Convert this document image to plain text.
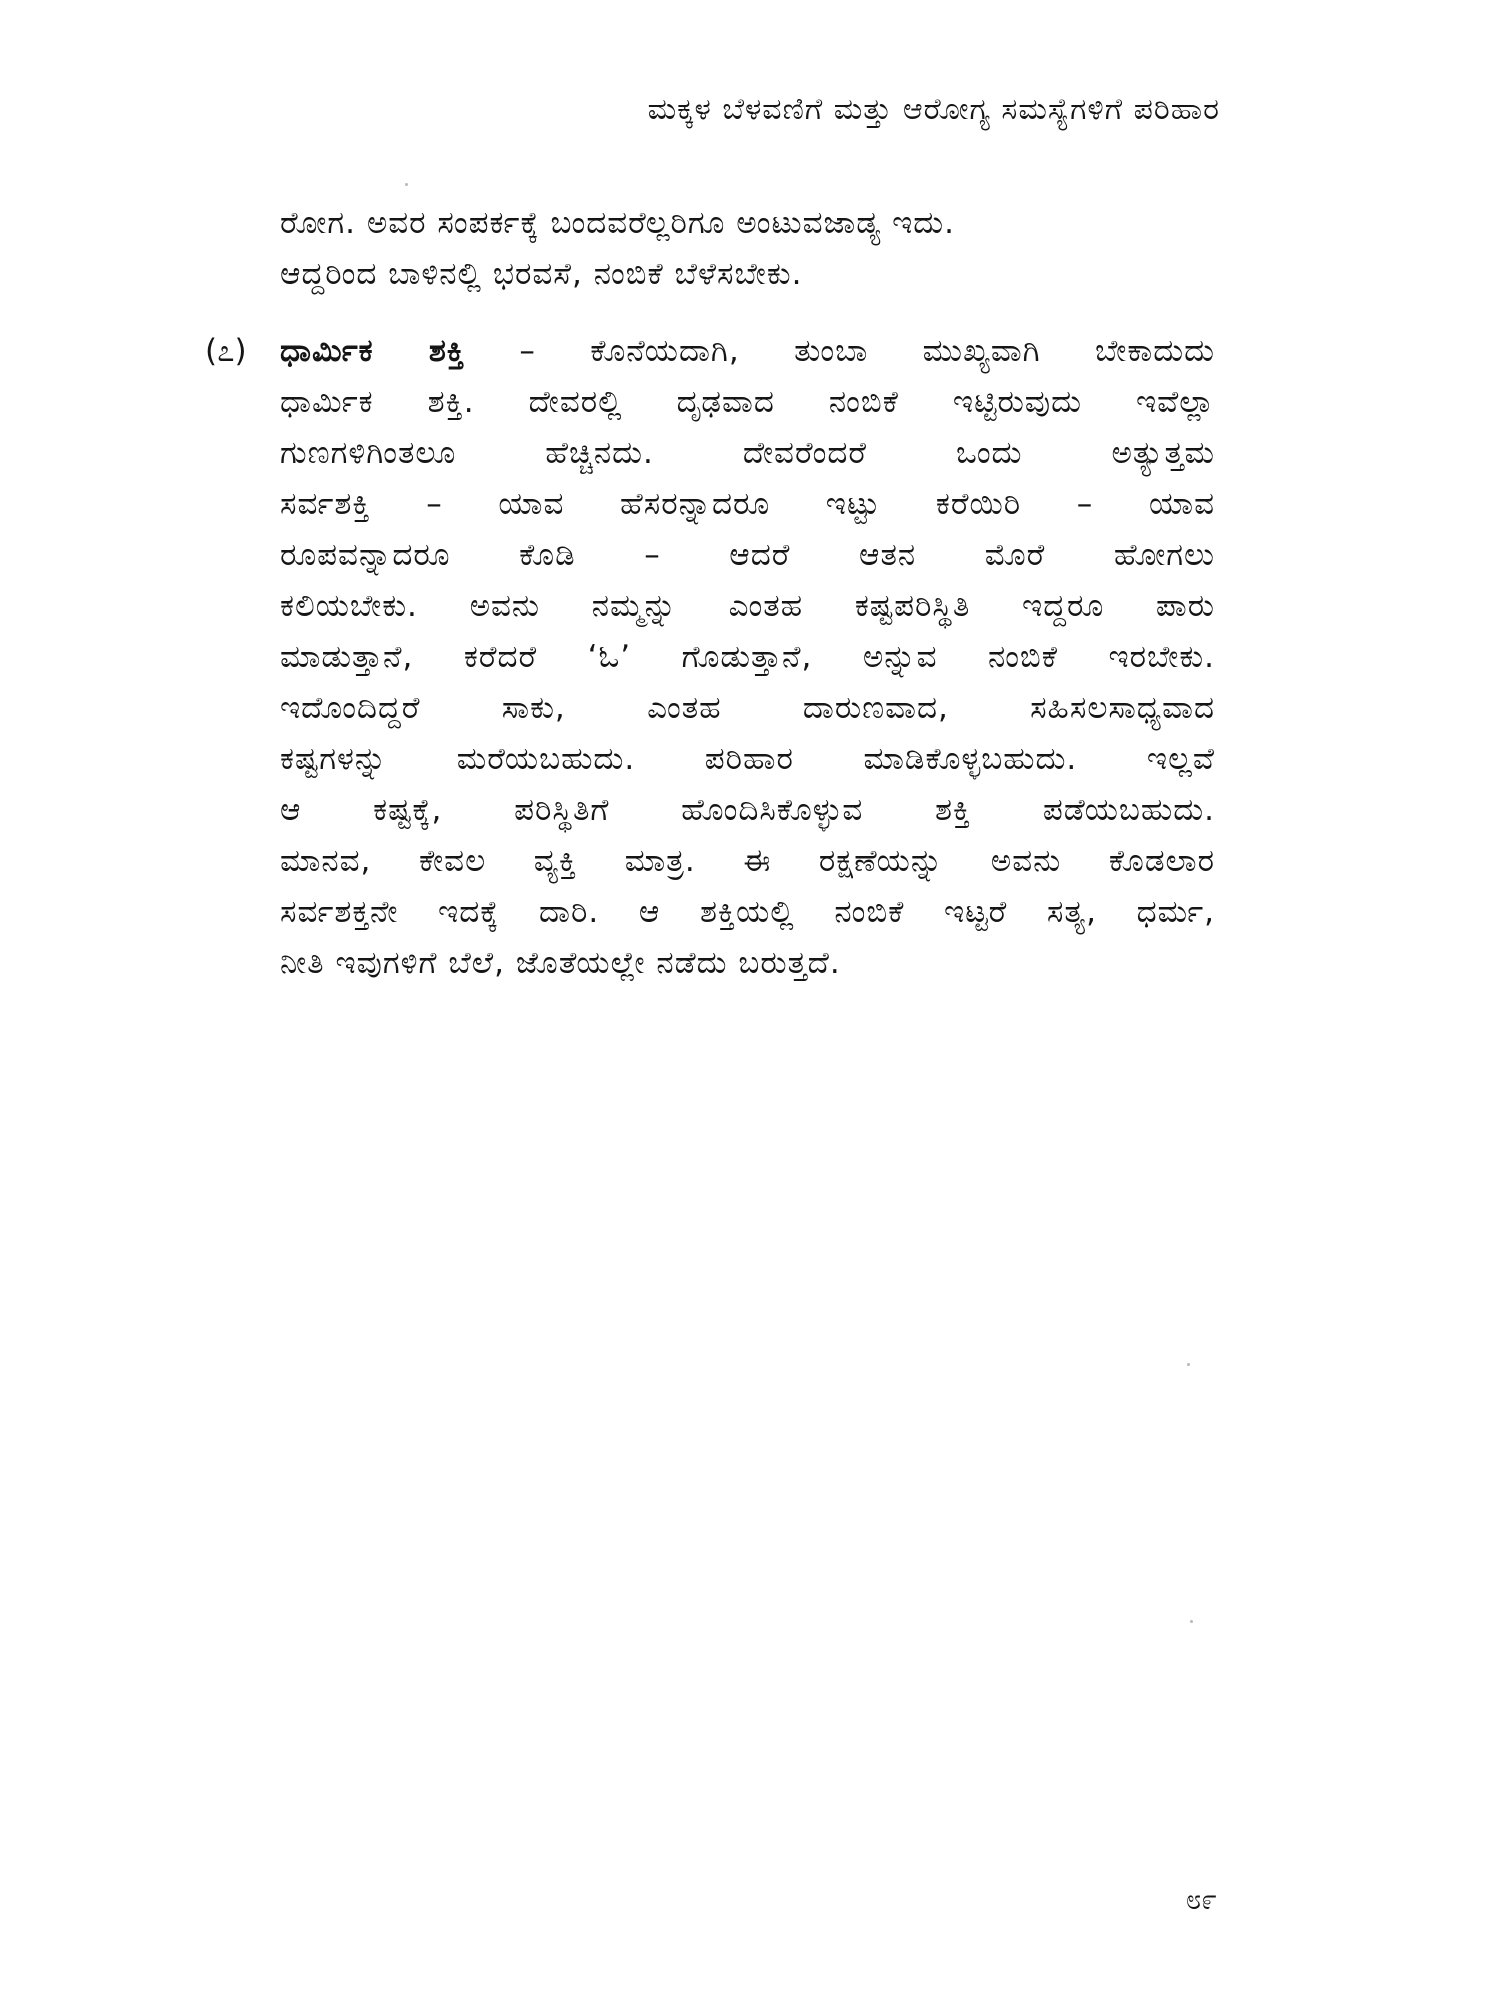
ಮಕ್ಕಳ ಬೆಳವಣಿಗೆ ಮತ್ತು ಆರೋಗ್ಯ ಸಮಸ್ಯೆಗಳಿಗೆ ಪರಿಹಾರ
ರೋಗ. ಅವರ ಸಂಪರ್ಕಕ್ಕೆ ಬಂದವರೆಲ್ಲರಿಗೂ ಅಂಟುವಜಾಡ್ಯ ಇದು.
ಆದ್ದರಿಂದ ಬಾಳಿನಲ್ಲಿ ಭರವಸೆ, ನಂಬಿಕೆ ಬೆಳೆಸಬೇಕು.
(೭) ಧಾರ್ಮಿಕ ಶಕ್ತಿ – ಕೊನೆಯದಾಗಿ, ತುಂಬಾ ಮುಖ್ಯವಾಗಿ ಬೇಕಾದುದು
ಧಾರ್ಮಿಕ ಶಕ್ತಿ. ದೇವರಲ್ಲಿ ದೃಢವಾದ ನಂಬಿಕೆ ಇಟ್ಟಿರುವುದು ಇವೆಲ್ಲಾ
ಗುಣಗಳಿಗಿಂತಲೂ ಹೆಚ್ಚಿನದು. ದೇವರೆಂದರೆ ಒಂದು ಅತ್ಯುತ್ತಮ
ಸರ್ವಶಕ್ತಿ – ಯಾವ ಹೆಸರನ್ನಾದರೂ ಇಟ್ಟು ಕರೆಯಿರಿ – ಯಾವ
ರೂಪವನ್ನಾದರೂ ಕೊಡಿ – ಆದರೆ ಆತನ ಮೊರೆ ಹೋಗಲು
ಕಲಿಯಬೇಕು. ಅವನು ನಮ್ಮನ್ನು ಎಂತಹ ಕಷ್ಟಪರಿಸ್ಥಿತಿ ಇದ್ದರೂ ಪಾರು
ಮಾಡುತ್ತಾನೆ, ಕರೆದರೆ ‘ಓ’ ಗೊಡುತ್ತಾನೆ, ಅನ್ನುವ ನಂಬಿಕೆ ಇರಬೇಕು.
ಇದೊಂದಿದ್ದರೆ ಸಾಕು, ಎಂತಹ ದಾರುಣವಾದ, ಸಹಿಸಲಸಾಧ್ಯವಾದ
ಕಷ್ಟಗಳನ್ನು ಮರೆಯಬಹುದು. ಪರಿಹಾರ ಮಾಡಿಕೊಳ್ಳಬಹುದು. ಇಲ್ಲವೆ
ಆ ಕಷ್ಟಕ್ಕೆ, ಪರಿಸ್ಥಿತಿಗೆ ಹೊಂದಿಸಿಕೊಳ್ಳುವ ಶಕ್ತಿ ಪಡೆಯಬಹುದು.
ಮಾನವ, ಕೇವಲ ವ್ಯಕ್ತಿ ಮಾತ್ರ. ಈ ರಕ್ಷಣೆಯನ್ನು ಅವನು ಕೊಡಲಾರ
ಸರ್ವಶಕ್ತನೇ ಇದಕ್ಕೆ ದಾರಿ. ಆ ಶಕ್ತಿಯಲ್ಲಿ ನಂಬಿಕೆ ಇಟ್ಟರೆ ಸತ್ಯ, ಧರ್ಮ,
ನೀತಿ ಇವುಗಳಿಗೆ ಬೆಲೆ, ಜೊತೆಯಲ್ಲೇ ನಡೆದು ಬರುತ್ತದೆ.
೮೯
